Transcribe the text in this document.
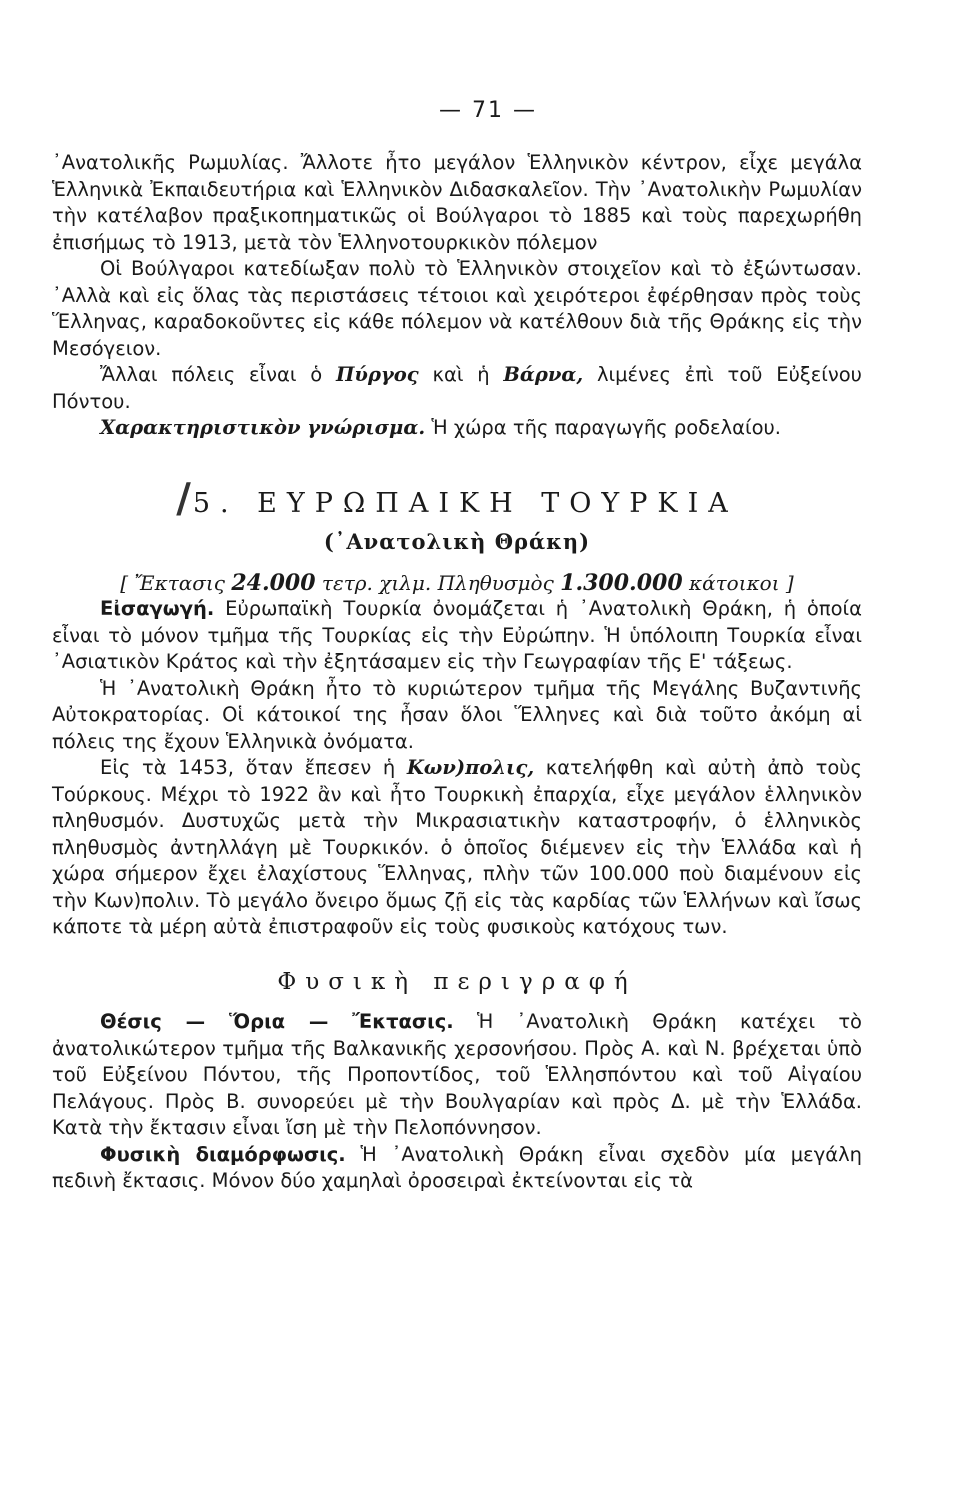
— 71 —

᾿Ανατολικῆς Ρωμυλίας. Ἄλλοτε ἦτο μεγάλον Ἑλληνικὸν κέντρον, εἶχε μεγάλα Ἑλληνικὰ Ἐκπαιδευτήρια καὶ Ἑλληνικὸν Διδασκαλεῖον. Τὴν ᾿Ανατολικὴν Ρωμυλίαν τὴν κατέλαβον πραξικοπηματικῶς οἱ Βούλγαροι τὸ 1885 καὶ τοὺς παρεχωρήθη ἐπισήμως τὸ 1913, μετὰ τὸν Ἑλληνοτουρκικὸν πόλεμον

Οἱ Βούλγαροι κατεδίωξαν πολὺ τὸ Ἑλληνικὸν στοιχεῖον καὶ τὸ ἐξώντωσαν. ᾿Αλλὰ καὶ εἰς ὅλας τὰς περιστάσεις τέτοιοι καὶ χειρότεροι ἐφέρθησαν πρὸς τοὺς Ἕλληνας, καραδοκοῦντες εἰς κάθε πόλεμον νὰ κατέλθουν διὰ τῆς Θράκης εἰς τὴν Μεσόγειον.

Ἄλλαι πόλεις εἶναι ὁ Πύργος καὶ ἡ Βάρνα, λιμένες ἐπὶ τοῦ Εὐξείνου Πόντου.

Χαρακτηριστικὸν γνώρισμα. Ἡ χώρα τῆς παραγωγῆς ροδελαίου.

/5. ΕΥΡΩΠΑΙΚΗ ΤΟΥΡΚΙΑ
(᾿Ανατολικὴ Θράκη)
[ Ἔκτασις 24.000 τετρ. χιλμ. Πληθυσμὸς 1.300.000 κάτοικοι ]

Εἰσαγωγή. Εὐρωπαϊκὴ Τουρκία ὀνομάζεται ἡ ᾿Ανατολικὴ Θράκη, ἡ ὁποία εἶναι τὸ μόνον τμῆμα τῆς Τουρκίας εἰς τὴν Εὐρώπην. Ἡ ὑπόλοιπη Τουρκία εἶναι ᾿Ασιατικὸν Κράτος καὶ τὴν ἐξητάσαμεν εἰς τὴν Γεωγραφίαν τῆς Ε' τάξεως.

Ἡ ᾿Ανατολικὴ Θράκη ἦτο τὸ κυριώτερον τμῆμα τῆς Μεγάλης Βυζαντινῆς Αὐτοκρατορίας. Οἱ κάτοικοί της ἦσαν ὅλοι Ἕλληνες καὶ διὰ τοῦτο ἀκόμη αἱ πόλεις της ἔχουν Ἑλληνικὰ ὀνόματα.

Εἰς τὰ 1453, ὅταν ἔπεσεν ἡ Κων)πολις, κατελήφθη καὶ αὐτὴ ἀπὸ τοὺς Τούρκους. Μέχρι τὸ 1922 ἂν καὶ ἦτο Τουρκικὴ ἐπαρχία, εἶχε μεγάλον ἑλληνικὸν πληθυσμόν. Δυστυχῶς μετὰ τὴν Μικρασιατικὴν καταστροφήν, ὁ ἑλληνικὸς πληθυσμὸς ἀντηλλάγη μὲ Τουρκικόν. ὁ ὁποῖος διέμενεν εἰς τὴν Ἑλλάδα καὶ ἡ χώρα σήμερον ἔχει ἐλαχίστους Ἕλληνας, πλὴν τῶν 100.000 ποὺ διαμένουν εἰς τὴν Κων)πολιν. Τὸ μεγάλο ὄνειρο ὅμως ζῇ εἰς τὰς καρδίας τῶν Ἑλλήνων καὶ ἴσως κάποτε τὰ μέρη αὐτὰ ἐπιστραφοῦν εἰς τοὺς φυσικοὺς κατόχους των.

Φυσικὴ περιγραφή

Θέσις — Ὅρια — Ἔκτασις. Ἡ ᾿Ανατολικὴ Θράκη κατέχει τὸ ἀνατολικώτερον τμῆμα τῆς Βαλκανικῆς χερσονήσου. Πρὸς Α. καὶ Ν. βρέχεται ὑπὸ τοῦ Εὐξείνου Πόντου, τῆς Προποντίδος, τοῦ Ἑλλησπόντου καὶ τοῦ Αἰγαίου Πελάγους. Πρὸς Β. συνορεύει μὲ τὴν Βουλγαρίαν καὶ πρὸς Δ. μὲ τὴν Ἑλλάδα. Κατὰ τὴν ἔκτασιν εἶναι ἴση μὲ τὴν Πελοπόννησον.

Φυσικὴ διαμόρφωσις. Ἡ ᾿Ανατολικὴ Θράκη εἶναι σχεδὸν μία μεγάλη πεδινὴ ἔκτασις. Μόνον δύο χαμηλαὶ ὀροσειραὶ ἐκτείνονται εἰς τὰ
